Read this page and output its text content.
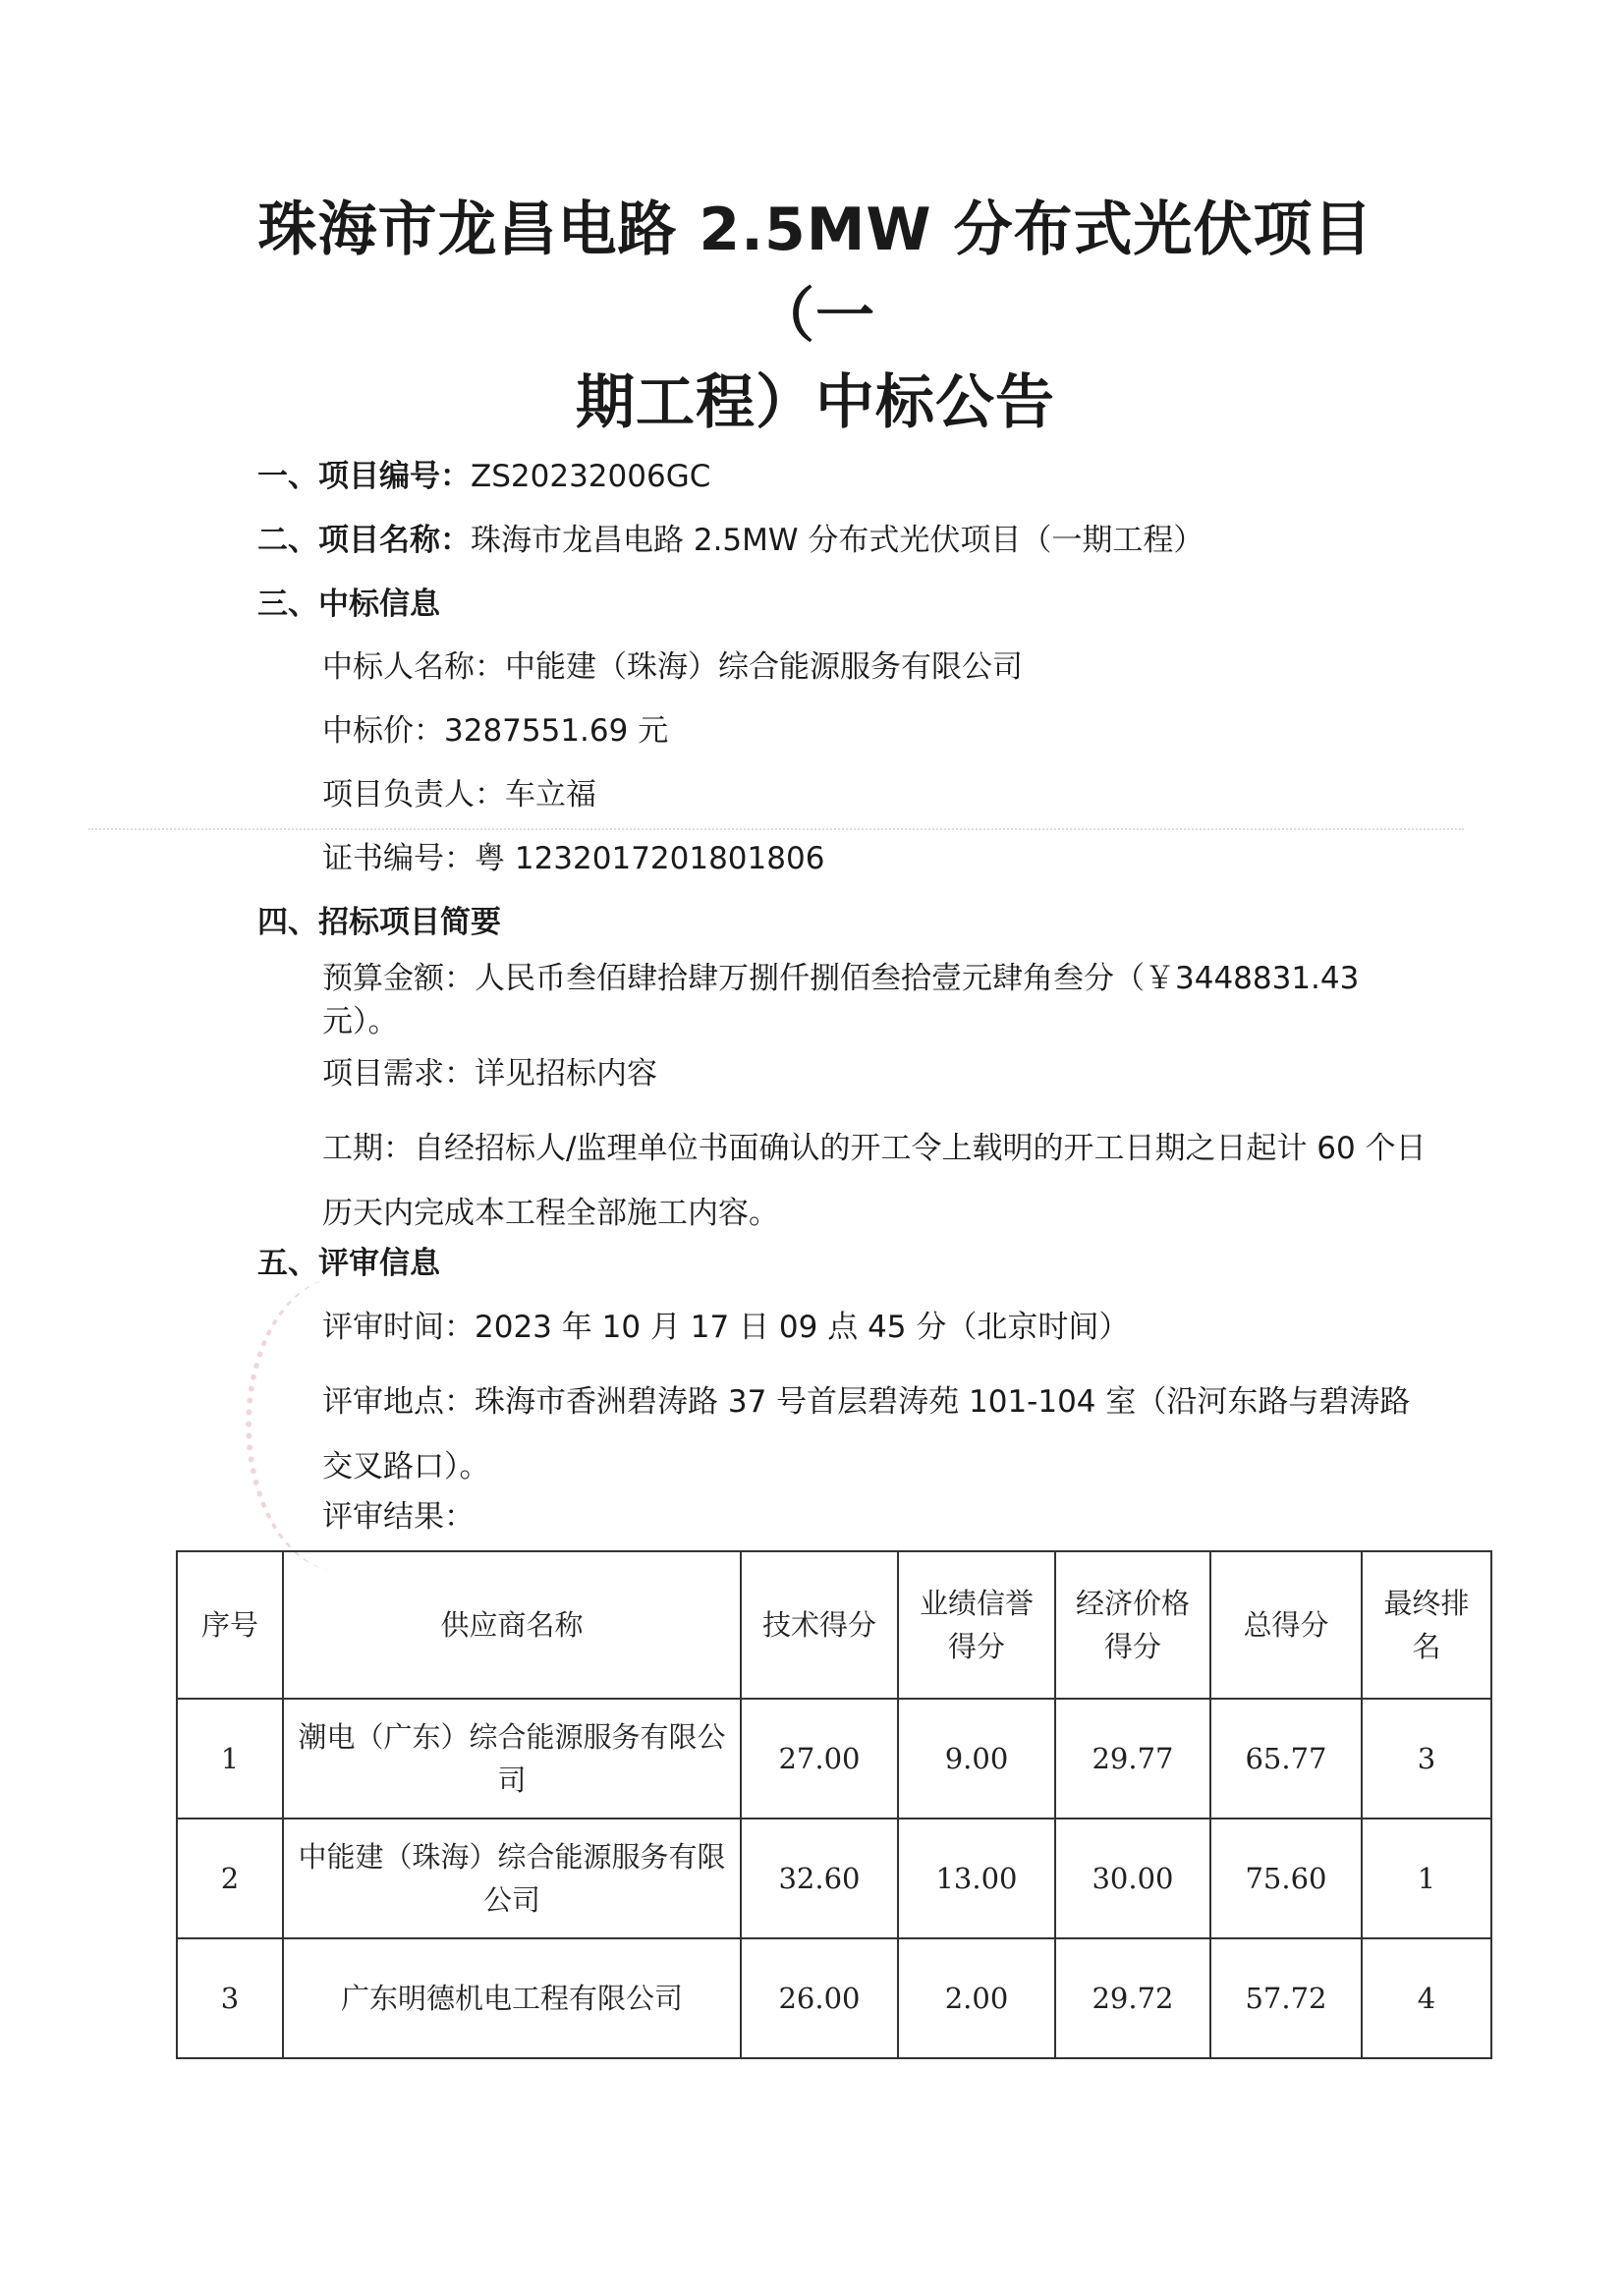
珠海市龙昌电路 2.5MW 分布式光伏项目（一
期工程）中标公告
一、项目编号：ZS20232006GC
二、项目名称：珠海市龙昌电路 2.5MW 分布式光伏项目（一期工程）
三、中标信息
中标人名称：中能建（珠海）综合能源服务有限公司
中标价：3287551.69 元
项目负责人：车立福
证书编号：粤 1232017201801806
四、招标项目简要
预算金额：人民币叁佰肆拾肆万捌仟捌佰叁拾壹元肆角叁分（￥3448831.43元）。
项目需求：详见招标内容
工期：自经招标人/监理单位书面确认的开工令上载明的开工日期之日起计 60 个日历天内完成本工程全部施工内容。
五、评审信息
评审时间：2023 年 10 月 17 日 09 点 45 分（北京时间）
评审地点：珠海市香洲碧涛路 37 号首层碧涛苑 101-104 室（沿河东路与碧涛路交叉路口）。
评审结果：
序号	供应商名称	技术得分	业绩信誉得分	经济价格得分	总得分	最终排名
1	潮电（广东）综合能源服务有限公司	27.00	9.00	29.77	65.77	3
2	中能建（珠海）综合能源服务有限公司	32.60	13.00	30.00	75.60	1
3	广东明德机电工程有限公司	26.00	2.00	29.72	57.72	4
